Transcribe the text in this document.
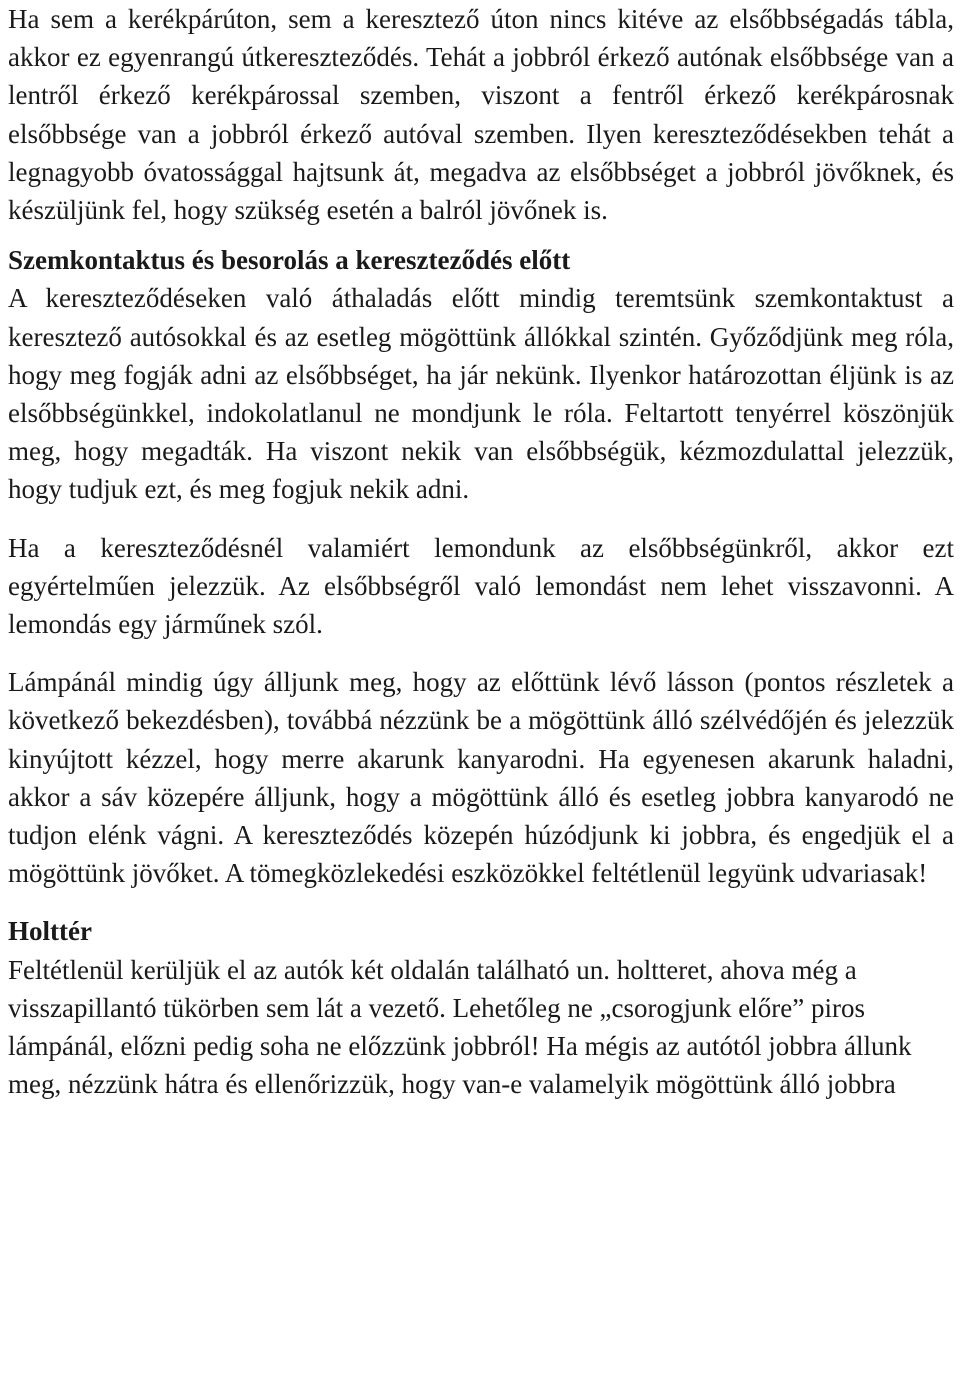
Ha sem a kerékpárúton, sem a keresztező úton nincs kitéve az elsőbbségadás tábla, akkor ez egyenrangú útkereszteződés. Tehát a jobbról érkező autónak elsőbbsége van a lentről érkező kerékpárossal szemben, viszont a fentről érkező kerékpárosnak elsőbbsége van a jobbról érkező autóval szemben. Ilyen kereszteződésekben tehát a legnagyobb óvatossággal hajtsunk át, megadva az elsőbbséget a jobbról jövőknek, és készüljünk fel, hogy szükség esetén a balról jövőnek is.

Szemkontaktus és besorolás a kereszteződés előtt

A kereszteződéseken való áthaladás előtt mindig teremtsünk szemkontaktust a keresztező autósokkal és az esetleg mögöttünk állókkal szintén. Győződjünk meg róla, hogy meg fogják adni az elsőbbséget, ha jár nekünk. Ilyenkor határozottan éljünk is az elsőbbségünkkel, indokolatlanul ne mondjunk le róla. Feltartott tenyérrel köszönjük meg, hogy megadták. Ha viszont nekik van elsőbbségük, kézmozdulattal jelezzük, hogy tudjuk ezt, és meg fogjuk nekik adni.

Ha a kereszteződésnél valamiért lemondunk az elsőbbségünkről, akkor ezt egyértelműen jelezzük. Az elsőbbségről való lemondást nem lehet visszavonni. A lemondás egy járműnek szól.

Lámpánál mindig úgy álljunk meg, hogy az előttünk lévő lásson (pontos részletek a következő bekezdésben), továbbá nézzünk be a mögöttünk álló szélvédőjén és jelezzük kinyújtott kézzel, hogy merre akarunk kanyarodni. Ha egyenesen akarunk haladni, akkor a sáv közepére álljunk, hogy a mögöttünk álló és esetleg jobbra kanyarodó ne tudjon elénk vágni. A kereszteződés közepén húzódjunk ki jobbra, és engedjük el a mögöttünk jövőket. A tömegközlekedési eszközökkel feltétlenül legyünk udvariasak!

Holttér

Feltétlenül kerüljük el az autók két oldalán található un. holtteret, ahova még a visszapillantó tükörben sem lát a vezető. Lehetőleg ne „csorogjunk előre” piros lámpánál, előzni pedig soha ne előzzünk jobbról! Ha mégis az autótól jobbra állunk meg, nézzünk hátra és ellenőrizzük, hogy van-e valamelyik mögöttünk álló jobbra
